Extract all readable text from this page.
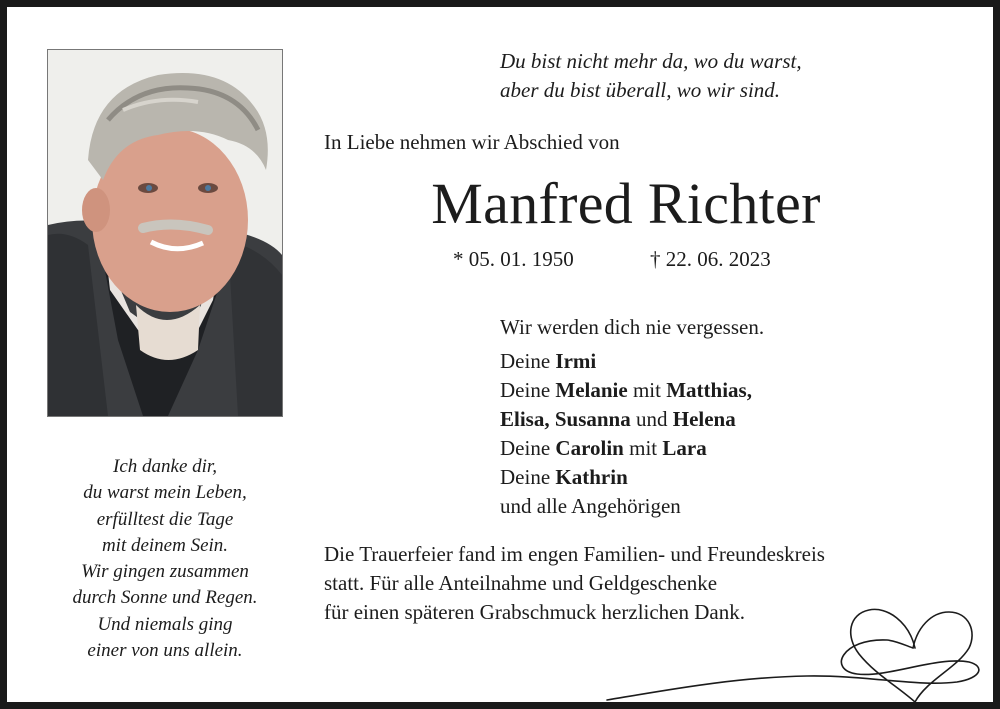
Ich danke dir,
du warst mein Leben,
erfülltest die Tage
mit deinem Sein.
Wir gingen zusammen
durch Sonne und Regen.
Und niemals ging
einer von uns allein.
Du bist nicht mehr da, wo du warst,
aber du bist überall, wo wir sind.
In Liebe nehmen wir Abschied von
Manfred Richter
* 05. 01. 1950	† 22. 06. 2023
Wir werden dich nie vergessen.
Deine Irmi
Deine Melanie mit Matthias,
Elisa, Susanna und Helena
Deine Carolin mit Lara
Deine Kathrin
und alle Angehörigen
Die Trauerfeier fand im engen Familien- und Freundeskreis
statt. Für alle Anteilnahme und Geldgeschenke
für einen späteren Grabschmuck herzlichen Dank.
